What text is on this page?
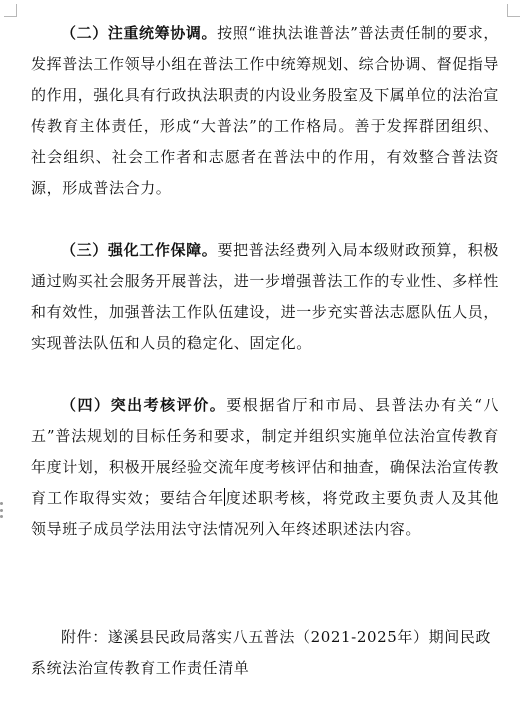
（二）注重统筹协调。按照“谁执法谁普法”普法责任制的要求，发挥普法工作领导小组在普法工作中统筹规划、综合协调、督促指导的作用，强化具有行政执法职责的内设业务股室及下属单位的法治宣传教育主体责任，形成“大普法”的工作格局。善于发挥群团组织、社会组织、社会工作者和志愿者在普法中的作用，有效整合普法资源，形成普法合力。

（三）强化工作保障。要把普法经费列入局本级财政预算，积极通过购买社会服务开展普法，进一步增强普法工作的专业性、多样性和有效性，加强普法工作队伍建设，进一步充实普法志愿队伍人员，实现普法队伍和人员的稳定化、固定化。

（四）突出考核评价。要根据省厅和市局、县普法办有关“八五”普法规划的目标任务和要求，制定并组织实施单位法治宣传教育年度计划，积极开展经验交流年度考核评估和抽查，确保法治宣传教育工作取得实效；要结合年度述职考核，将党政主要负责人及其他领导班子成员学法用法守法情况列入年终述职述法内容。

附件：遂溪县民政局落实八五普法（2021-2025年）期间民政系统法治宣传教育工作责任清单
